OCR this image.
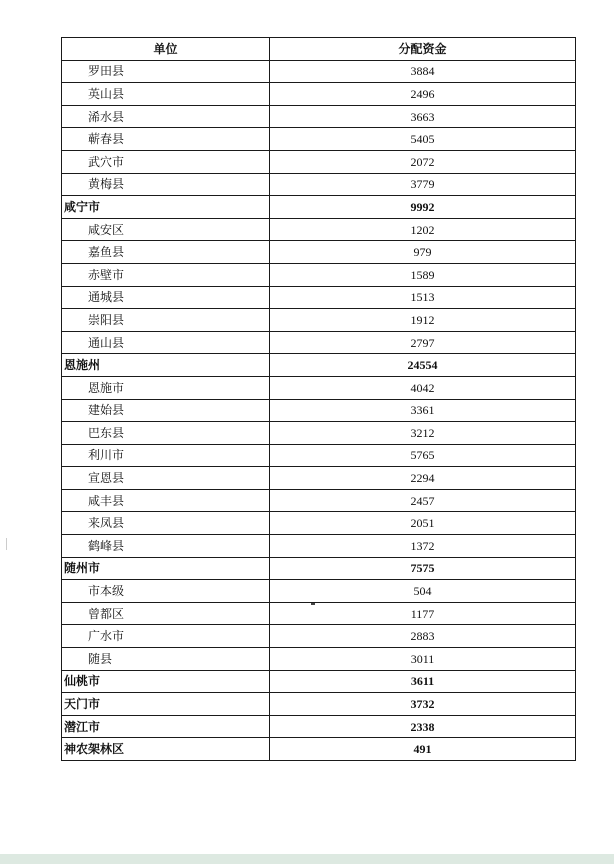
单位	分配资金
罗田县	3884
英山县	2496
浠水县	3663
蕲春县	5405
武穴市	2072
黄梅县	3779
咸宁市	9992
咸安区	1202
嘉鱼县	979
赤壁市	1589
通城县	1513
崇阳县	1912
通山县	2797
恩施州	24554
恩施市	4042
建始县	3361
巴东县	3212
利川市	5765
宣恩县	2294
咸丰县	2457
来凤县	2051
鹤峰县	1372
随州市	7575
市本级	504
曾都区	1177
广水市	2883
随县	3011
仙桃市	3611
天门市	3732
潜江市	2338
神农架林区	491
